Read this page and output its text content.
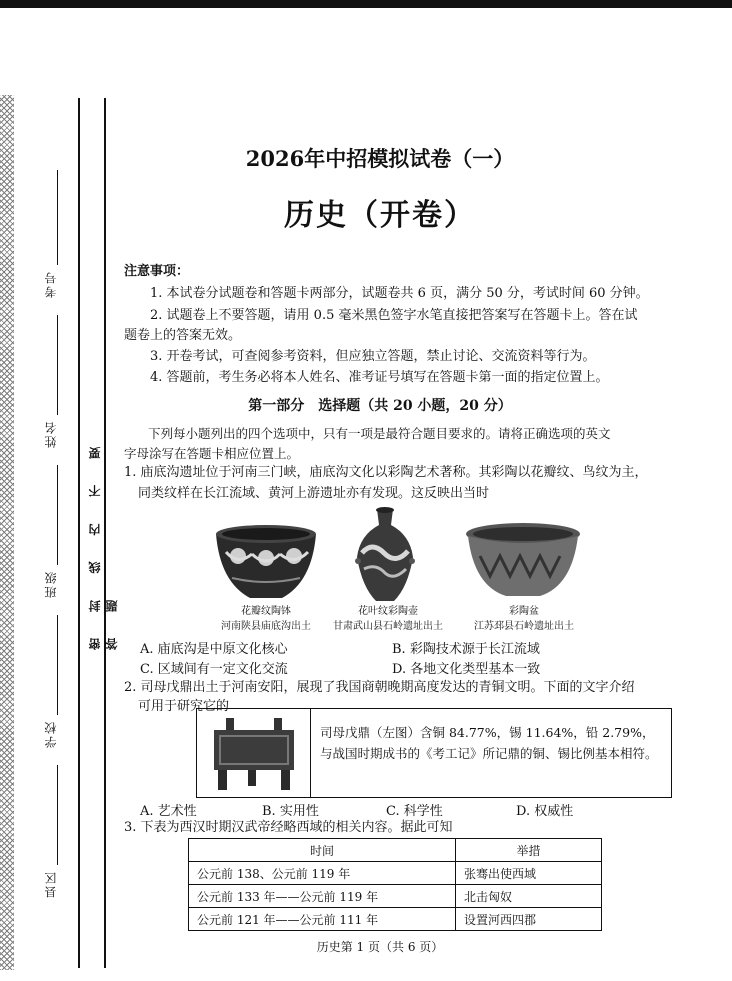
考号
姓名
班级
学校
县区
密 封 线 内 不 要 答 题
2026年中招模拟试卷（一）
历史（开卷）
注意事项：
1. 本试卷分试题卷和答题卡两部分，试题卷共 6 页，满分 50 分，考试时间 60 分钟。
2. 试题卷上不要答题，请用 0.5 毫米黑色签字水笔直接把答案写在答题卡上。答在试
题卷上的答案无效。
3. 开卷考试，可查阅参考资料，但应独立答题，禁止讨论、交流资料等行为。
4. 答题前，考生务必将本人姓名、准考证号填写在答题卡第一面的指定位置上。
第一部分　选择题（共 20 小题，20 分）
下列每小题列出的四个选项中，只有一项是最符合题目要求的。请将正确选项的英文
字母涂写在答题卡相应位置上。
1. 庙底沟遗址位于河南三门峡，庙底沟文化以彩陶艺术著称。其彩陶以花瓣纹、鸟纹为主，
同类纹样在长江流域、黄河上游遗址亦有发现。这反映出当时
花瓣纹陶钵
河南陕县庙底沟出土
花叶纹彩陶壶
甘肃武山县石岭遗址出土
彩陶盆
江苏邳县石岭遗址出土
A. 庙底沟是中原文化核心	B. 彩陶技术源于长江流域
C. 区域间有一定文化交流	D. 各地文化类型基本一致
2. 司母戊鼎出土于河南安阳，展现了我国商朝晚期高度发达的青铜文明。下面的文字介绍
可用于研究它的
司母戊鼎（左图）含铜 84.77%，锡 11.64%，铅 2.79%，与战国时期成书的《考工记》所记鼎的铜、锡比例基本相符。
A. 艺术性	B. 实用性	C. 科学性	D. 权威性
3. 下表为西汉时期汉武帝经略西域的相关内容。据此可知
时间	举措
公元前 138、公元前 119 年	张骞出使西域
公元前 133 年——公元前 119 年	北击匈奴
公元前 121 年——公元前 111 年	设置河西四郡
历史第 1 页（共 6 页）
